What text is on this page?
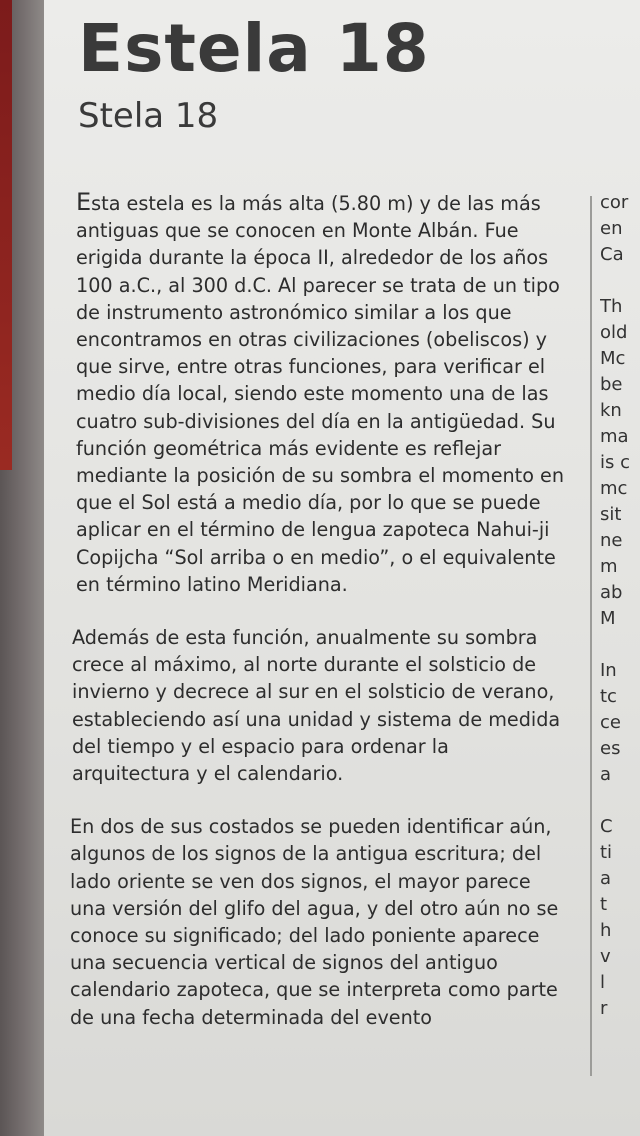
Estela 18
Stela 18

Esta estela es la más alta (5.80 m) y de las más
antiguas que se conocen en Monte Albán. Fue
erigida durante la época II, alrededor de los años
100 a.C., al 300 d.C. Al parecer se trata de un tipo
de instrumento astronómico similar a los que
encontramos en otras civilizaciones (obeliscos) y
que sirve, entre otras funciones, para verificar el
medio día local, siendo este momento una de las
cuatro sub-divisiones del día en la antigüedad. Su
función geométrica más evidente es reflejar
mediante la posición de su sombra el momento en
que el Sol está a medio día, por lo que se puede
aplicar en el término de lengua zapoteca Nahui-ji
Copijcha “Sol arriba o en medio”, o el equivalente
en término latino Meridiana.

Además de esta función, anualmente su sombra
crece al máximo, al norte durante el solsticio de
invierno y decrece al sur en el solsticio de verano,
estableciendo así una unidad y sistema de medida
del tiempo y el espacio para ordenar la
arquitectura y el calendario.

En dos de sus costados se pueden identificar aún,
algunos de los signos de la antigua escritura; del
lado oriente se ven dos signos, el mayor parece
una versión del glifo del agua, y del otro aún no se
conoce su significado; del lado poniente aparece
una secuencia vertical de signos del antiguo
calendario zapoteca, que se interpreta como parte
de una fecha determinada del evento

cor
en
Ca

Th
old
Mc
be
kn
ma
is c
mc
sit
ne
m
ab
M

In
tc
ce
es
a

C
ti
a
t
h
v
l
r
